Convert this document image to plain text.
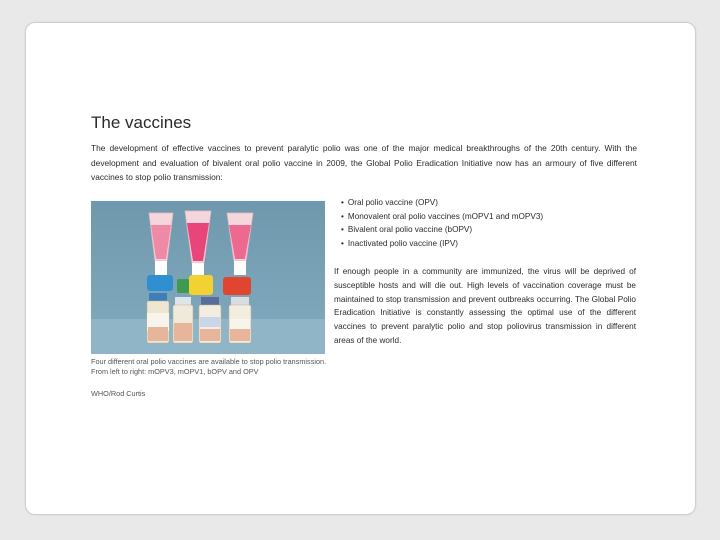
The vaccines

The development of effective vaccines to prevent paralytic polio was one of the major medical breakthroughs of the 20th century. With the development and evaluation of bivalent oral polio vaccine in 2009, the Global Polio Eradication Initiative now has an armoury of five different vaccines to stop polio transmission:

Four different oral polio vaccines are available to stop polio transmission. From left to right: mOPV3, mOPV1, bOPV and OPV

WHO/Rod Curtis
• Oral polio vaccine (OPV)
• Monovalent oral polio vaccines (mOPV1 and mOPV3)
• Bivalent oral polio vaccine (bOPV)
• Inactivated polio vaccine (IPV)

If enough people in a community are immunized, the virus will be deprived of susceptible hosts and will die out. High levels of vaccination coverage must be maintained to stop transmission and prevent outbreaks occurring. The Global Polio Eradication Initiative is constantly assessing the optimal use of the different vaccines to prevent paralytic polio and stop poliovirus transmission in different areas of the world.
